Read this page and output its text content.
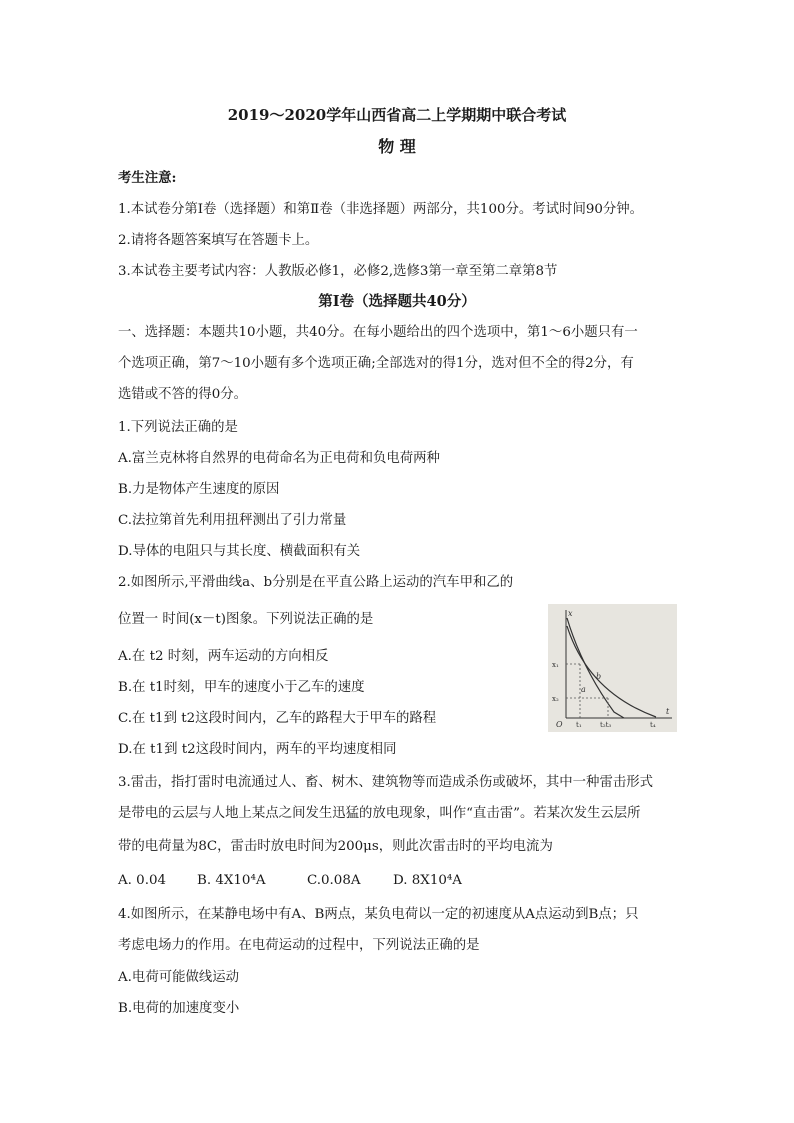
2019～2020学年山西省高二上学期期中联合考试
物 理
考生注意:
1.本试卷分第Ⅰ卷（选择题）和第Ⅱ卷（非选择题）两部分，共100分。考试时间90分钟。
2.请将各题答案填写在答题卡上。
3.本试卷主要考试内容：人教版必修1，必修2,选修3第一章至第二章第8节
第Ⅰ卷（选择题共40分）
一、选择题：本题共10小题，共40分。在每小题给出的四个选项中，第1～6小题只有一
个选项正确，第7～10小题有多个选项正确;全部选对的得1分，选对但不全的得2分，有
选错或不答的得0分。
1.下列说法正确的是
A.富兰克林将自然界的电荷命名为正电荷和负电荷两种
B.力是物体产生速度的原因
C.法拉第首先利用扭秤测出了引力常量
D.导体的电阻只与其长度、横截面积有关
2.如图所示,平滑曲线a、b分别是在平直公路上运动的汽车甲和乙的
位置一 时间(x－t)图象。下列说法正确的是
A.在 t2 时刻，两车运动的方向相反
B.在 t1时刻，甲车的速度小于乙车的速度
C.在 t1到 t2这段时间内，乙车的路程大于甲车的路程
D.在 t1到 t2这段时间内，两车的平均速度相同
x
t
O
x₁
x₂
t₁	t₂t₃	t₄
a
b
3.雷击，指打雷时电流通过人、畜、树木、建筑物等而造成杀伤或破坏，其中一种雷击形式
是带电的云层与人地上某点之间发生迅猛的放电现象，叫作“直击雷”。若某次发生云层所
带的电荷量为8C，雷击时放电时间为200μs，则此次雷击时的平均电流为
A. 0.04 B. 4X10⁴A	C.0.08A D. 8X10⁴A
4.如图所示，在某静电场中有A、B两点，某负电荷以一定的初速度从A点运动到B点；只
考虑电场力的作用。在电荷运动的过程中，下列说法正确的是
A.电荷可能做线运动
B.电荷的加速度变小
